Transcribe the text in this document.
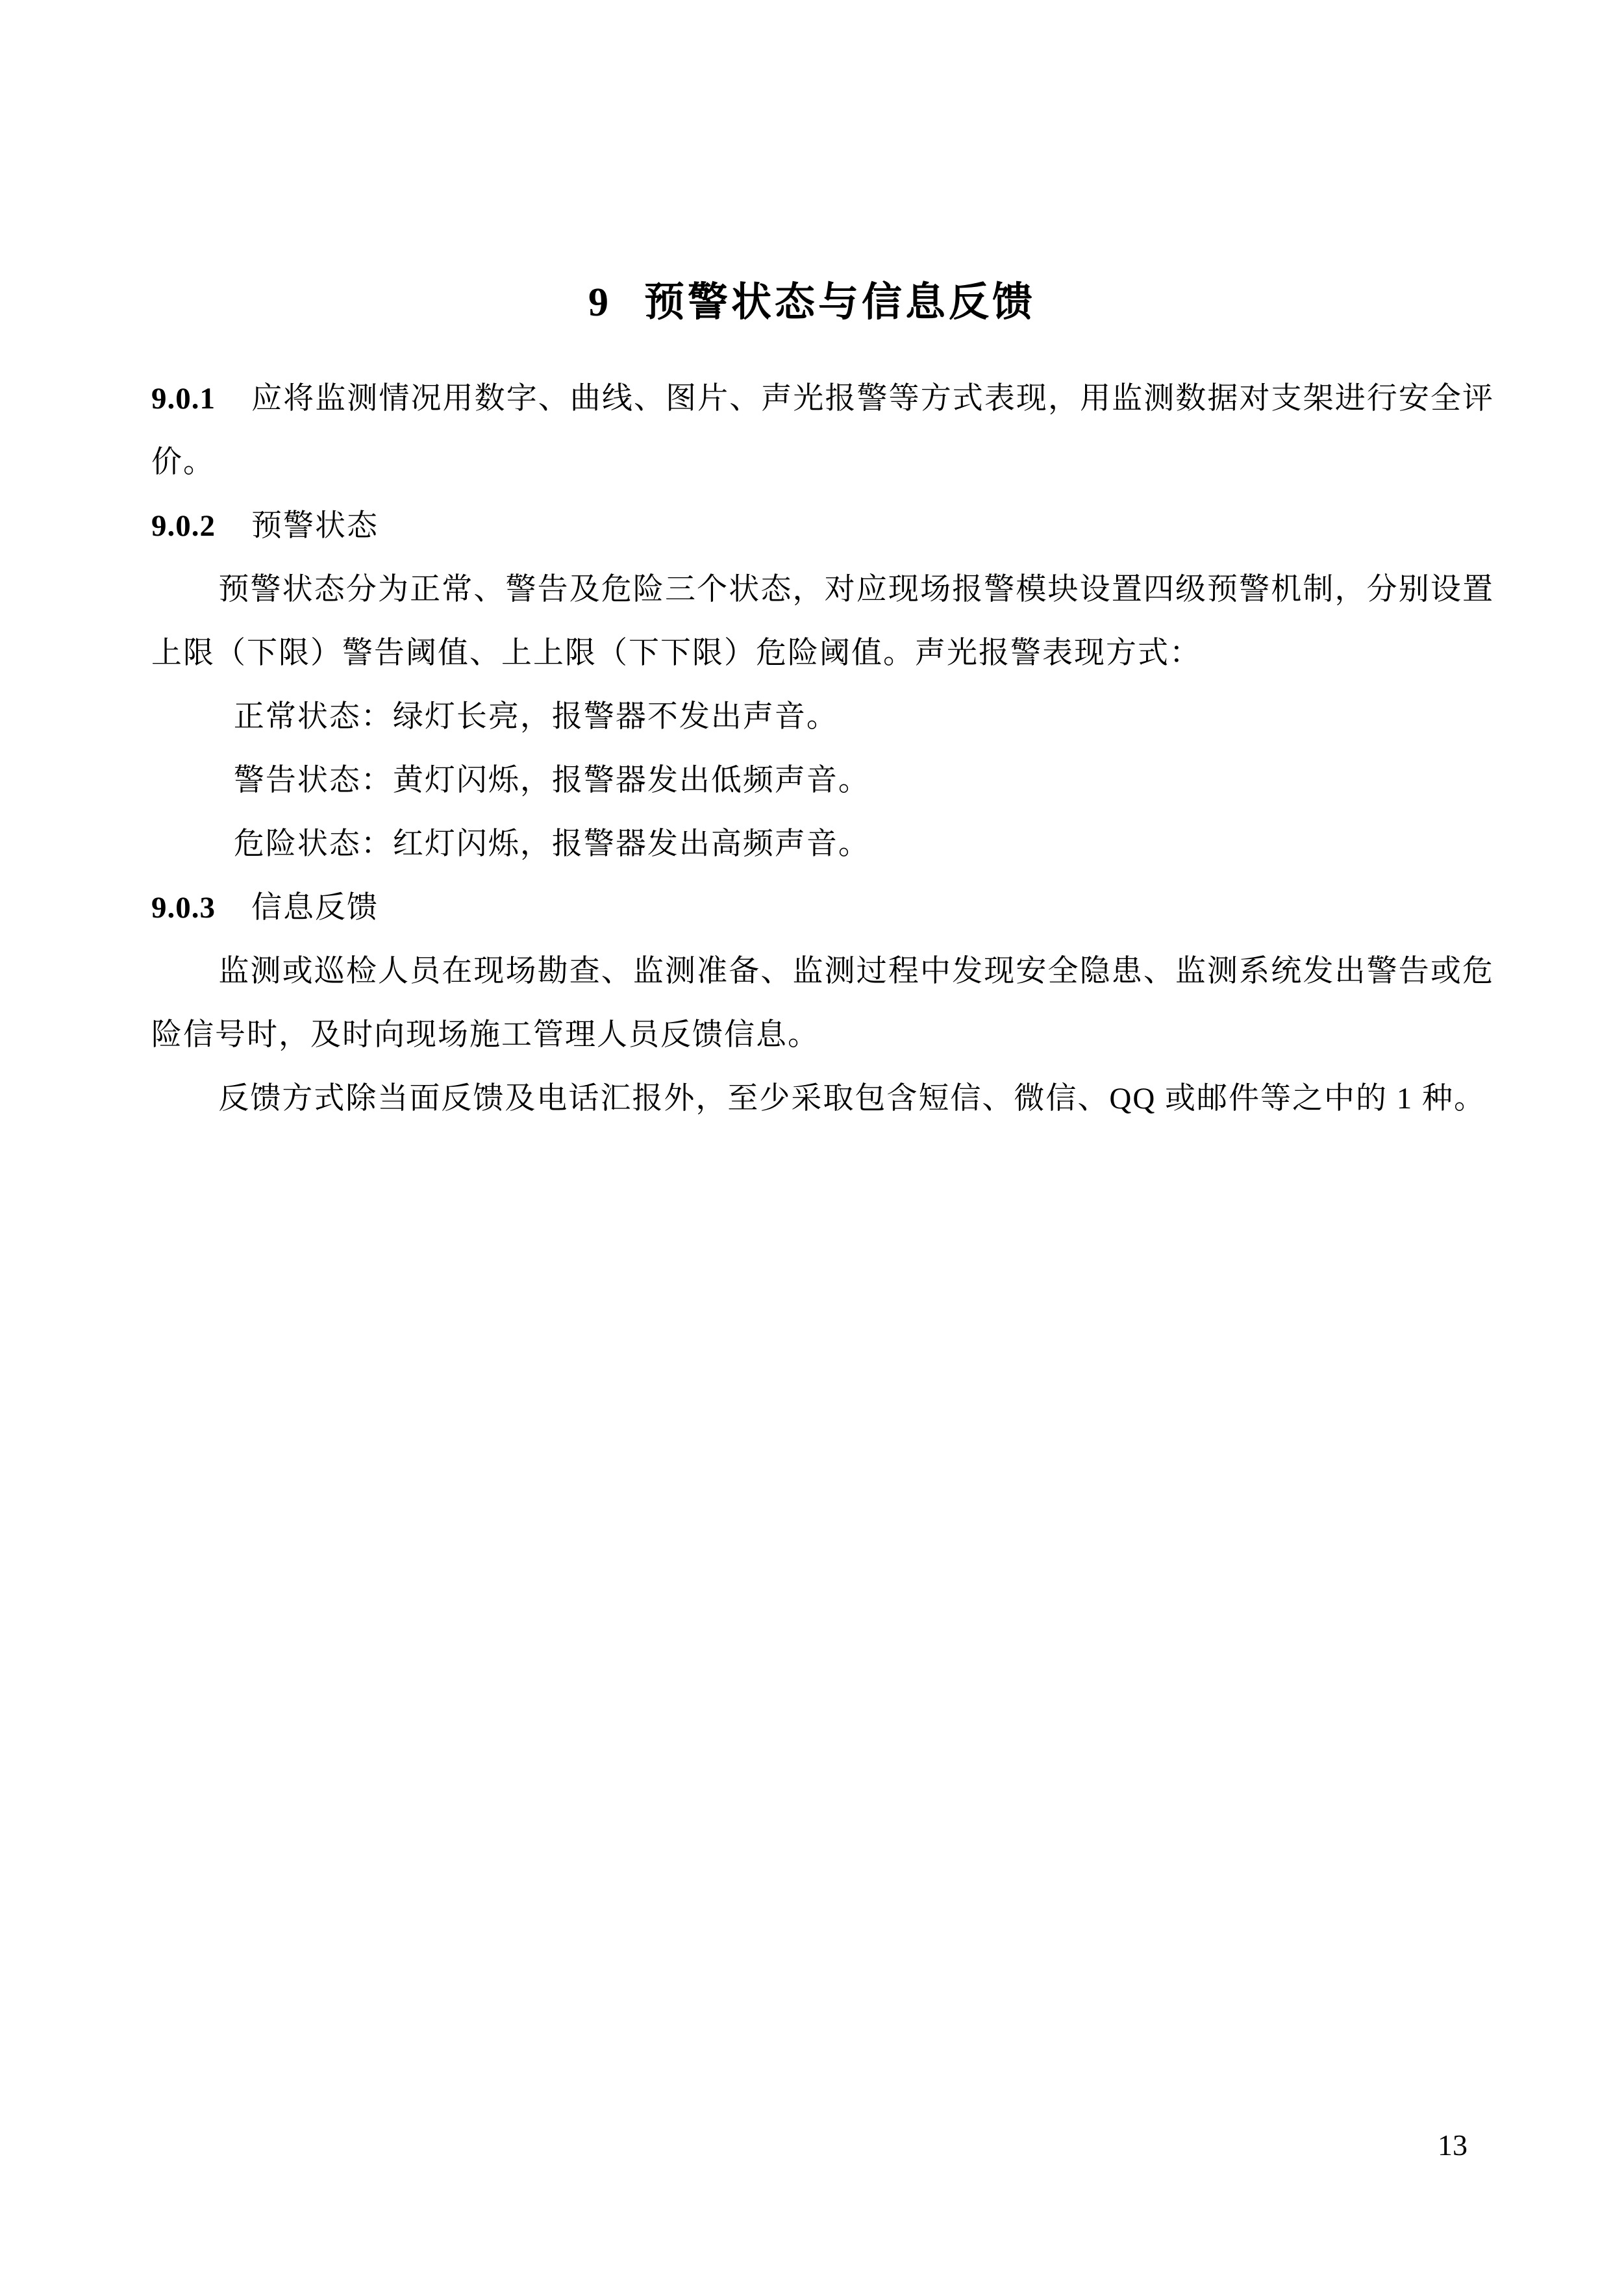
9 预警状态与信息反馈

9.0.1 应将监测情况用数字、曲线、图片、声光报警等方式表现，用监测数据对支架进行安全评价。

9.0.2 预警状态

预警状态分为正常、警告及危险三个状态，对应现场报警模块设置四级预警机制，分别设置上限（下限）警告阈值、上上限（下下限）危险阈值。声光报警表现方式：

正常状态：绿灯长亮，报警器不发出声音。

警告状态：黄灯闪烁，报警器发出低频声音。

危险状态：红灯闪烁，报警器发出高频声音。

9.0.3 信息反馈

监测或巡检人员在现场勘查、监测准备、监测过程中发现安全隐患、监测系统发出警告或危险信号时，及时向现场施工管理人员反馈信息。

反馈方式除当面反馈及电话汇报外，至少采取包含短信、微信、QQ 或邮件等之中的 1 种。

13
